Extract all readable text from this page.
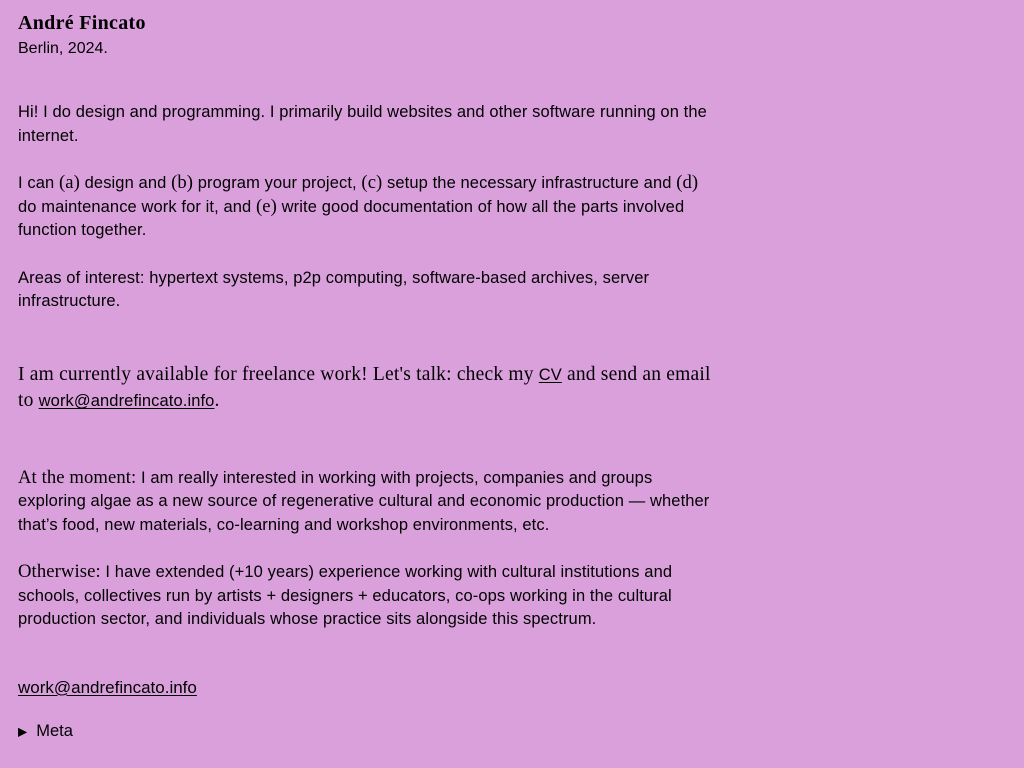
André Fincato

Berlin, 2024.

Hi! I do design and programming. I primarily build websites and other software running on the internet.

I can (a) design and (b) program your project, (c) setup the necessary infrastructure and (d) do maintenance work for it, and (e) write good documentation of how all the parts involved function together.

Areas of interest: hypertext systems, p2p computing, software-based archives, server infrastructure.

I am currently available for freelance work! Let's talk: check my CV and send an email to work@andrefincato.info.

At the moment: I am really interested in working with projects, companies and groups exploring algae as a new source of regenerative cultural and economic production — whether that’s food, new materials, co-learning and workshop environments, etc.

Otherwise: I have extended (+10 years) experience working with cultural institutions and schools, collectives run by artists + designers + educators, co-ops working in the cultural production sector, and individuals whose practice sits alongside this spectrum.

work@andrefincato.info
▶ Meta
